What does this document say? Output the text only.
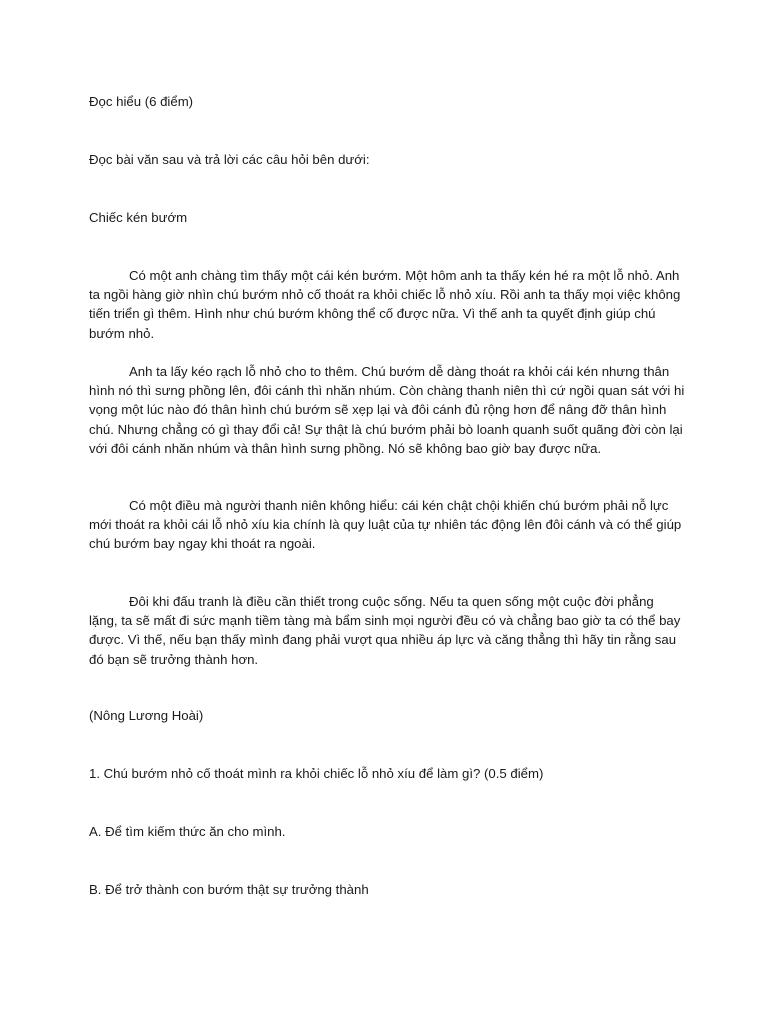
Đọc hiểu (6 điểm)

Đọc bài văn sau và trả lời các câu hỏi bên dưới:

Chiếc kén bướm

Có một anh chàng tìm thấy một cái kén bướm. Một hôm anh ta thấy kén hé ra một lỗ nhỏ. Anh ta ngồi hàng giờ nhìn chú bướm nhỏ cố thoát ra khỏi chiếc lỗ nhỏ xíu. Rồi anh ta thấy mọi việc không tiến triển gì thêm. Hình như chú bướm không thể cố được nữa. Vì thế anh ta quyết định giúp chú bướm nhỏ.

Anh ta lấy kéo rạch lỗ nhỏ cho to thêm. Chú bướm dễ dàng thoát ra khỏi cái kén nhưng thân hình nó thì sưng phồng lên, đôi cánh thì nhăn nhúm. Còn chàng thanh niên thì cứ ngồi quan sát với hi vọng một lúc nào đó thân hình chú bướm sẽ xẹp lại và đôi cánh đủ rộng hơn để nâng đỡ thân hình chú. Nhưng chẳng có gì thay đổi cả! Sự thật là chú bướm phải bò loanh quanh suốt quãng đời còn lại với đôi cánh nhăn nhúm và thân hình sưng phồng. Nó sẽ không bao giờ bay được nữa.

Có một điều mà người thanh niên không hiểu: cái kén chật chội khiến chú bướm phải nỗ lực mới thoát ra khỏi cái lỗ nhỏ xíu kia chính là quy luật của tự nhiên tác động lên đôi cánh và có thể giúp chú bướm bay ngay khi thoát ra ngoài.

Đôi khi đấu tranh là điều cần thiết trong cuộc sống. Nếu ta quen sống một cuộc đời phẳng lặng, ta sẽ mất đi sức mạnh tiềm tàng mà bẩm sinh mọi người đều có và chẳng bao giờ ta có thể bay được. Vì thế, nếu bạn thấy mình đang phải vượt qua nhiều áp lực và căng thẳng thì hãy tin rằng sau đó bạn sẽ trưởng thành hơn.

(Nông Lương Hoài)

1. Chú bướm nhỏ cố thoát mình ra khỏi chiếc lỗ nhỏ xíu để làm gì? (0.5 điểm)

A. Để tìm kiếm thức ăn cho mình.

B. Để trở thành con bướm thật sự trưởng thành
